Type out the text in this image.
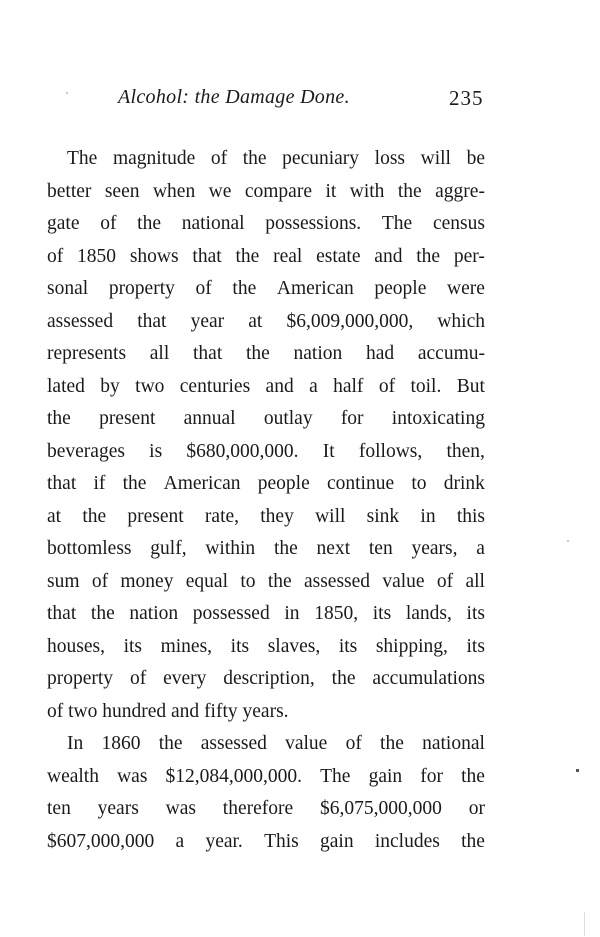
Alcohol: the Damage Done.	235
The magnitude of the pecuniary loss will be
better seen when we compare it with the aggre-
gate of the national possessions. The census
of 1850 shows that the real estate and the per-
sonal property of the American people were
assessed that year at $6,009,000,000, which
represents all that the nation had accumu-
lated by two centuries and a half of toil. But
the present annual outlay for intoxicating
beverages is $680,000,000. It follows, then,
that if the American people continue to drink
at the present rate, they will sink in this
bottomless gulf, within the next ten years, a
sum of money equal to the assessed value of all
that the nation possessed in 1850, its lands, its
houses, its mines, its slaves, its shipping, its
property of every description, the accumulations
of
two
hundred
and
fifty
years.
In 1860 the assessed value of the national
wealth was $12,084,000,000. The gain for the
ten years was therefore $6,075,000,000 or
$607,000,000 a year. This gain includes the
